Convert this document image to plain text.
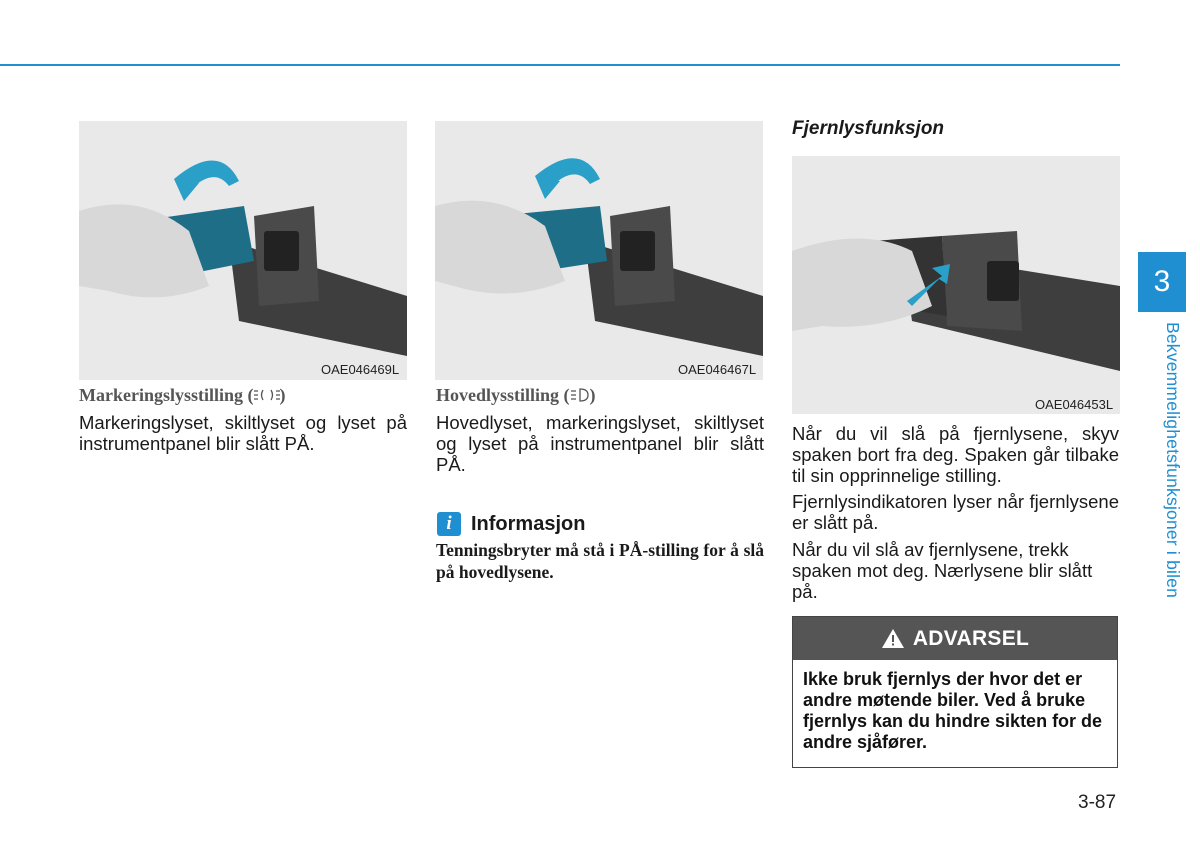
OAE046469L
Markeringslysstilling ( )

Markeringslyset, skiltlyset og lyset på instrumentpanel blir slått PÅ.

OAE046467L
Hovedlysstilling ( )

Hovedlyset, markeringslyset, skiltlyset og lyset på instrumentpanel blir slått PÅ.

i Informasjon
Tenningsbryter må stå i PÅ-stilling for å slå på hovedlysene.
Fjernlysfunksjon
OAE046453L

Når du vil slå på fjernlysene, skyv spaken bort fra deg. Spaken går tilbake til sin opprinnelige stilling.

Fjernlysindikatoren lyser når fjernlysene er slått på.

Når du vil slå av fjernlysene, trekk spaken mot deg. Nærlysene blir slått på.

ADVARSEL
Ikke bruk fjernlys der hvor det er andre møtende biler. Ved å bruke fjernlys kan du hindre sikten for de andre sjåfører.
3
Bekvemmelighetsfunksjoner i bilen
3-87
